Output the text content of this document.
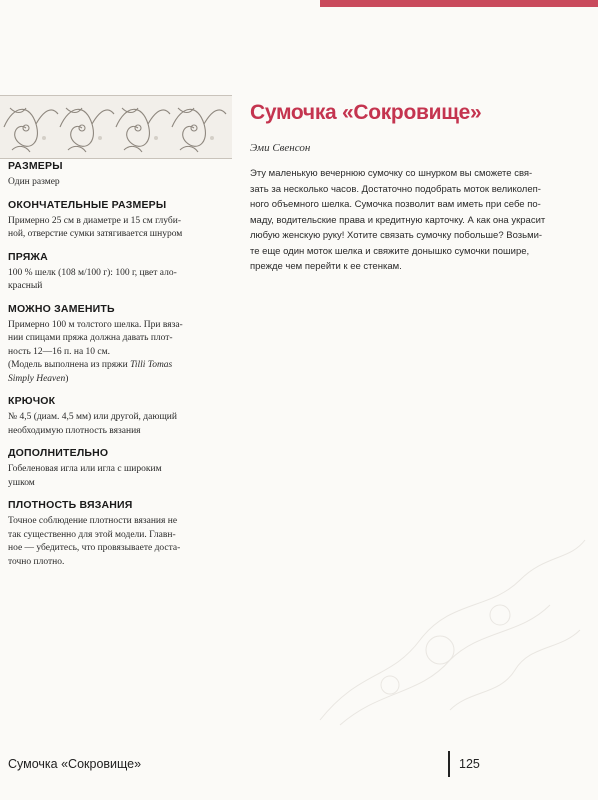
Сумочка «Сокровище»
Эми Свенсон
Эту маленькую вечернюю сумочку со шнурком вы сможете свя-
зать за несколько часов. Достаточно подобрать моток великолеп-
ного объемного шелка. Сумочка позволит вам иметь при себе по-
маду, водительские права и кредитную карточку. А как она украсит
любую женскую руку! Хотите связать сумочку побольше? Возьми-
те еще один моток шелка и свяжите донышко сумочки пошире,
прежде чем перейти к ее стенкам.
РАЗМЕРЫ
Один размер
ОКОНЧАТЕЛЬНЫЕ РАЗМЕРЫ
Примерно 25 см в диаметре и 15 см глуби-
ной, отверстие сумки затягивается шнуром
ПРЯЖА
100 % шелк (108 м/100 г): 100 г, цвет ало-
красный
МОЖНО ЗАМЕНИТЬ
Примерно 100 м толстого шелка. При вяза-
нии спицами пряжа должна давать плот-
ность 12—16 п. на 10 см.
(Модель выполнена из пряжи Tilli Tomas
Simply Heaven)
КРЮЧОК
№ 4,5 (диам. 4,5 мм) или другой, дающий
необходимую плотность вязания
ДОПОЛНИТЕЛЬНО
Гобеленовая игла или игла с широким
ушком
ПЛОТНОСТЬ ВЯЗАНИЯ
Точное соблюдение плотности вязания не
так существенно для этой модели. Главн-
ное — убедитесь, что провязываете доста-
точно плотно.
Сумочка «Сокровище»	125
